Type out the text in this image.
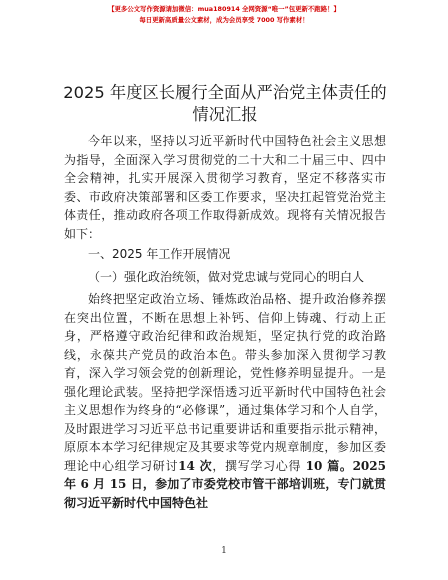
【更多公文写作资源请加微信：mua180914 全网资源“唯一”包更新不跑路！】
每日更新高质量公文素材，成为会员享受 7000 写作素材！
2025 年度区长履行全面从严治党主体责任的情况汇报

今年以来，坚持以习近平新时代中国特色社会主义思想为指导，全面深入学习贯彻党的二十大和二十届三中、四中全会精神，扎实开展深入贯彻学习教育，坚定不移落实市委、市政府决策部署和区委工作要求，坚决扛起管党治党主体责任，推动政府各项工作取得新成效。现将有关情况报告如下：

一、2025 年工作开展情况

（一）强化政治统领，做对党忠诚与党同心的明白人

始终把坚定政治立场、锤炼政治品格、提升政治修养摆在突出位置，不断在思想上补钙、信仰上铸魂、行动上正身，严格遵守政治纪律和政治规矩，坚定执行党的政治路线，永葆共产党员的政治本色。带头参加深入贯彻学习教育，深入学习领会党的创新理论，党性修养明显提升。一是强化理论武装。坚持把学深悟透习近平新时代中国特色社会主义思想作为终身的“必修课”，通过集体学习和个人自学，及时跟进学习习近平总书记重要讲话和重要指示批示精神，原原本本学习纪律规定及其要求等党内规章制度，参加区委理论中心组学习研讨14 次，撰写学习心得 10 篇。2025 年 6 月 15 日，参加了市委党校市管干部培训班，专门就贯彻习近平新时代中国特色社

1
